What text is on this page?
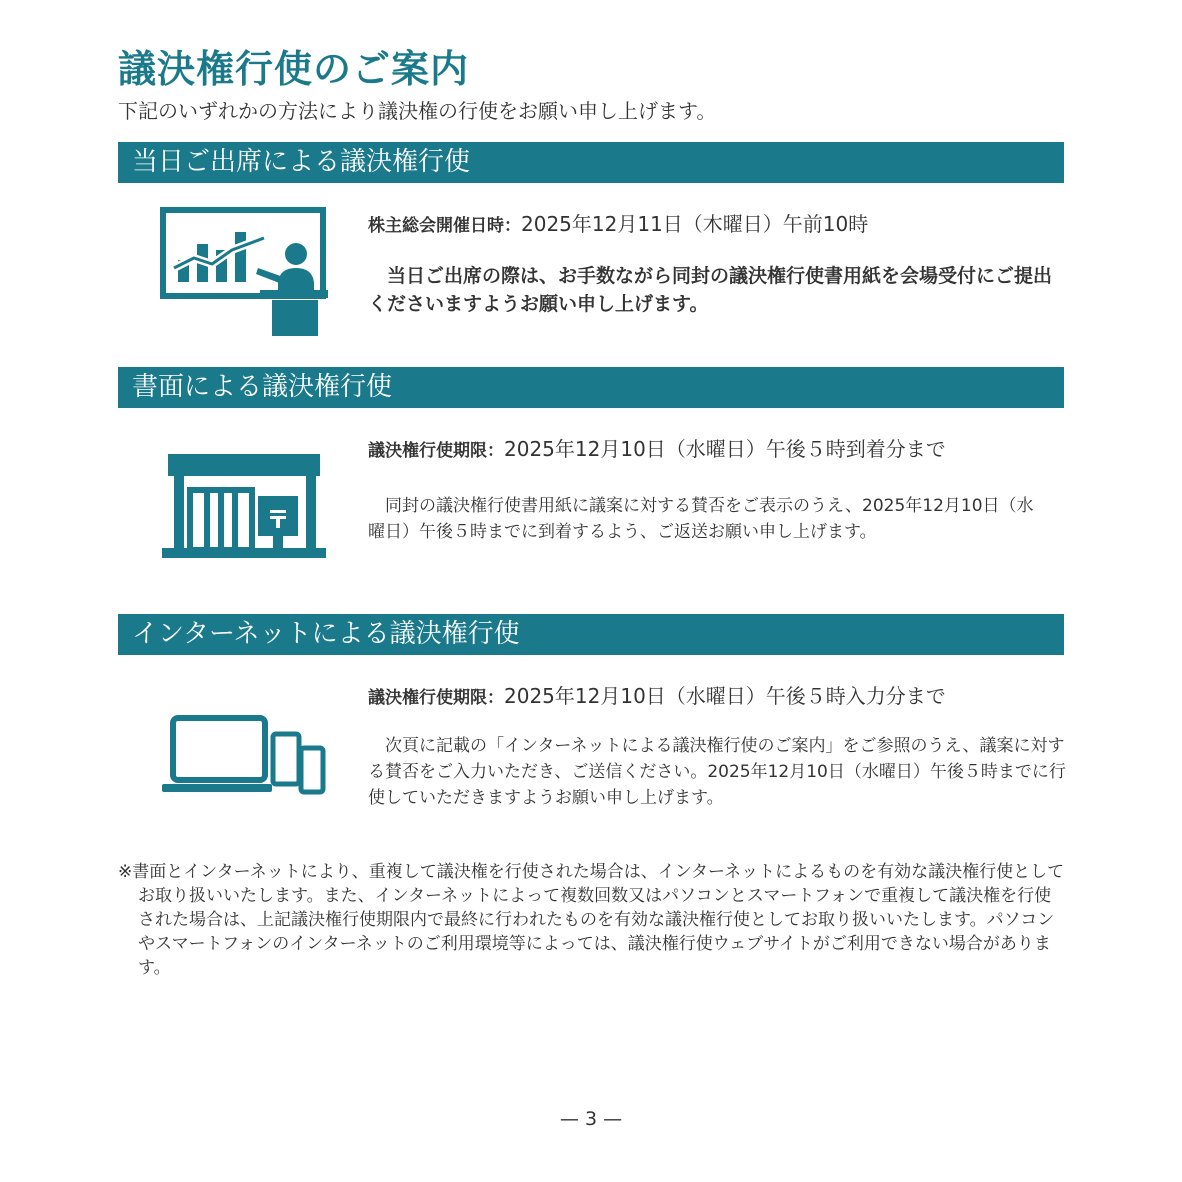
議決権行使のご案内

下記のいずれかの方法により議決権の行使をお願い申し上げます。

当日ご出席による議決権行使

株主総会開催日時：2025年12月11日（木曜日）午前10時

当日ご出席の際は、お手数ながら同封の議決権行使書用紙を会場受付にご提出くださいますようお願い申し上げます。

書面による議決権行使

議決権行使期限：2025年12月10日（水曜日）午後５時到着分まで

同封の議決権行使書用紙に議案に対する賛否をご表示のうえ、2025年12月10日（水曜日）午後５時までに到着するよう、ご返送お願い申し上げます。

インターネットによる議決権行使

議決権行使期限：2025年12月10日（水曜日）午後５時入力分まで

次頁に記載の「インターネットによる議決権行使のご案内」をご参照のうえ、議案に対する賛否をご入力いただき、ご送信ください。2025年12月10日（水曜日）午後５時までに行使していただきますようお願い申し上げます。

※書面とインターネットにより、重複して議決権を行使された場合は、インターネットによるものを有効な議決権行使としてお取り扱いいたします。また、インターネットによって複数回数又はパソコンとスマートフォンで重複して議決権を行使された場合は、上記議決権行使期限内で最終に行われたものを有効な議決権行使としてお取り扱いいたします。パソコンやスマートフォンのインターネットのご利用環境等によっては、議決権行使ウェブサイトがご利用できない場合があります。

— 3 —
